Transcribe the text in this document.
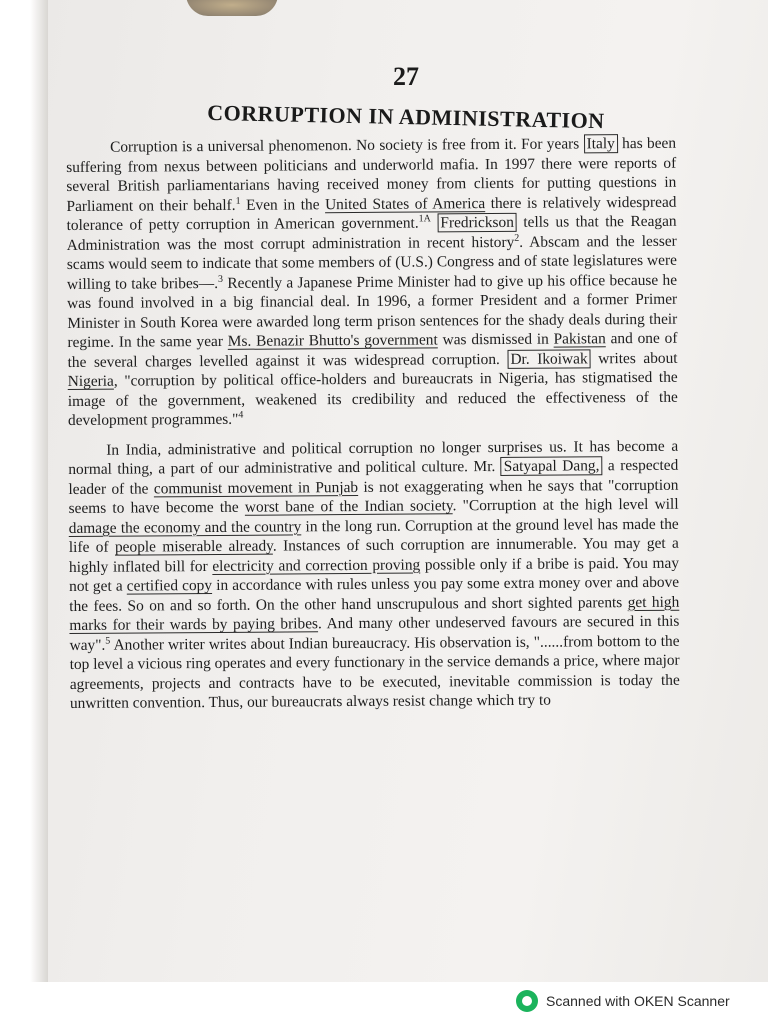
27
CORRUPTION IN ADMINISTRATION

Corruption is a universal phenomenon. No society is free from it. For years Italy has been suffering from nexus between politicians and underworld mafia. In 1997 there were reports of several British parliamentarians having received money from clients for putting questions in Parliament on their behalf.$^1$ Even in the United States of America there is relatively widespread tolerance of petty corruption in American government.$^{1A}$ Fredrickson tells us that the Reagan Administration was the most corrupt administration in recent history$^2$. Abscam and the lesser scams would seem to indicate that some members of (U.S.) Congress and of state legislatures were willing to take bribes—.$^3$ Recently a Japanese Prime Minister had to give up his office because he was found involved in a big financial deal. In 1996, a former President and a former Primer Minister in South Korea were awarded long term prison sentences for the shady deals during their regime. In the same year Ms. Benazir Bhutto's government was dismissed in Pakistan and one of the several charges levelled against it was widespread corruption. Dr. Ikoiwak writes about Nigeria, "corruption by political office-holders and bureaucrats in Nigeria, has stigmatised the image of the government, weakened its credibility and reduced the effectiveness of the development programmes."$^4$

In India, administrative and political corruption no longer surprises us. It has become a normal thing, a part of our administrative and political culture. Mr. Satyapal Dang, a respected leader of the communist movement in Punjab is not exaggerating when he says that "corruption seems to have become the worst bane of the Indian society. "Corruption at the high level will damage the economy and the country in the long run. Corruption at the ground level has made the life of people miserable already. Instances of such corruption are innumerable. You may get a highly inflated bill for electricity and correction proving possible only if a bribe is paid. You may not get a certified copy in accordance with rules unless you pay some extra money over and above the fees. So on and so forth. On the other hand unscrupulous and short sighted parents get high marks for their wards by paying bribes. And many other undeserved favours are secured in this way".$^5$ Another writer writes about Indian bureaucracy. His observation is, "......from bottom to the top level a vicious ring operates and every functionary in the service demands a price, where major agreements, projects and contracts have to be executed, inevitable commission is today the unwritten convention. Thus, our bureaucrats always resist change which try to

Scanned with OKEN Scanner
